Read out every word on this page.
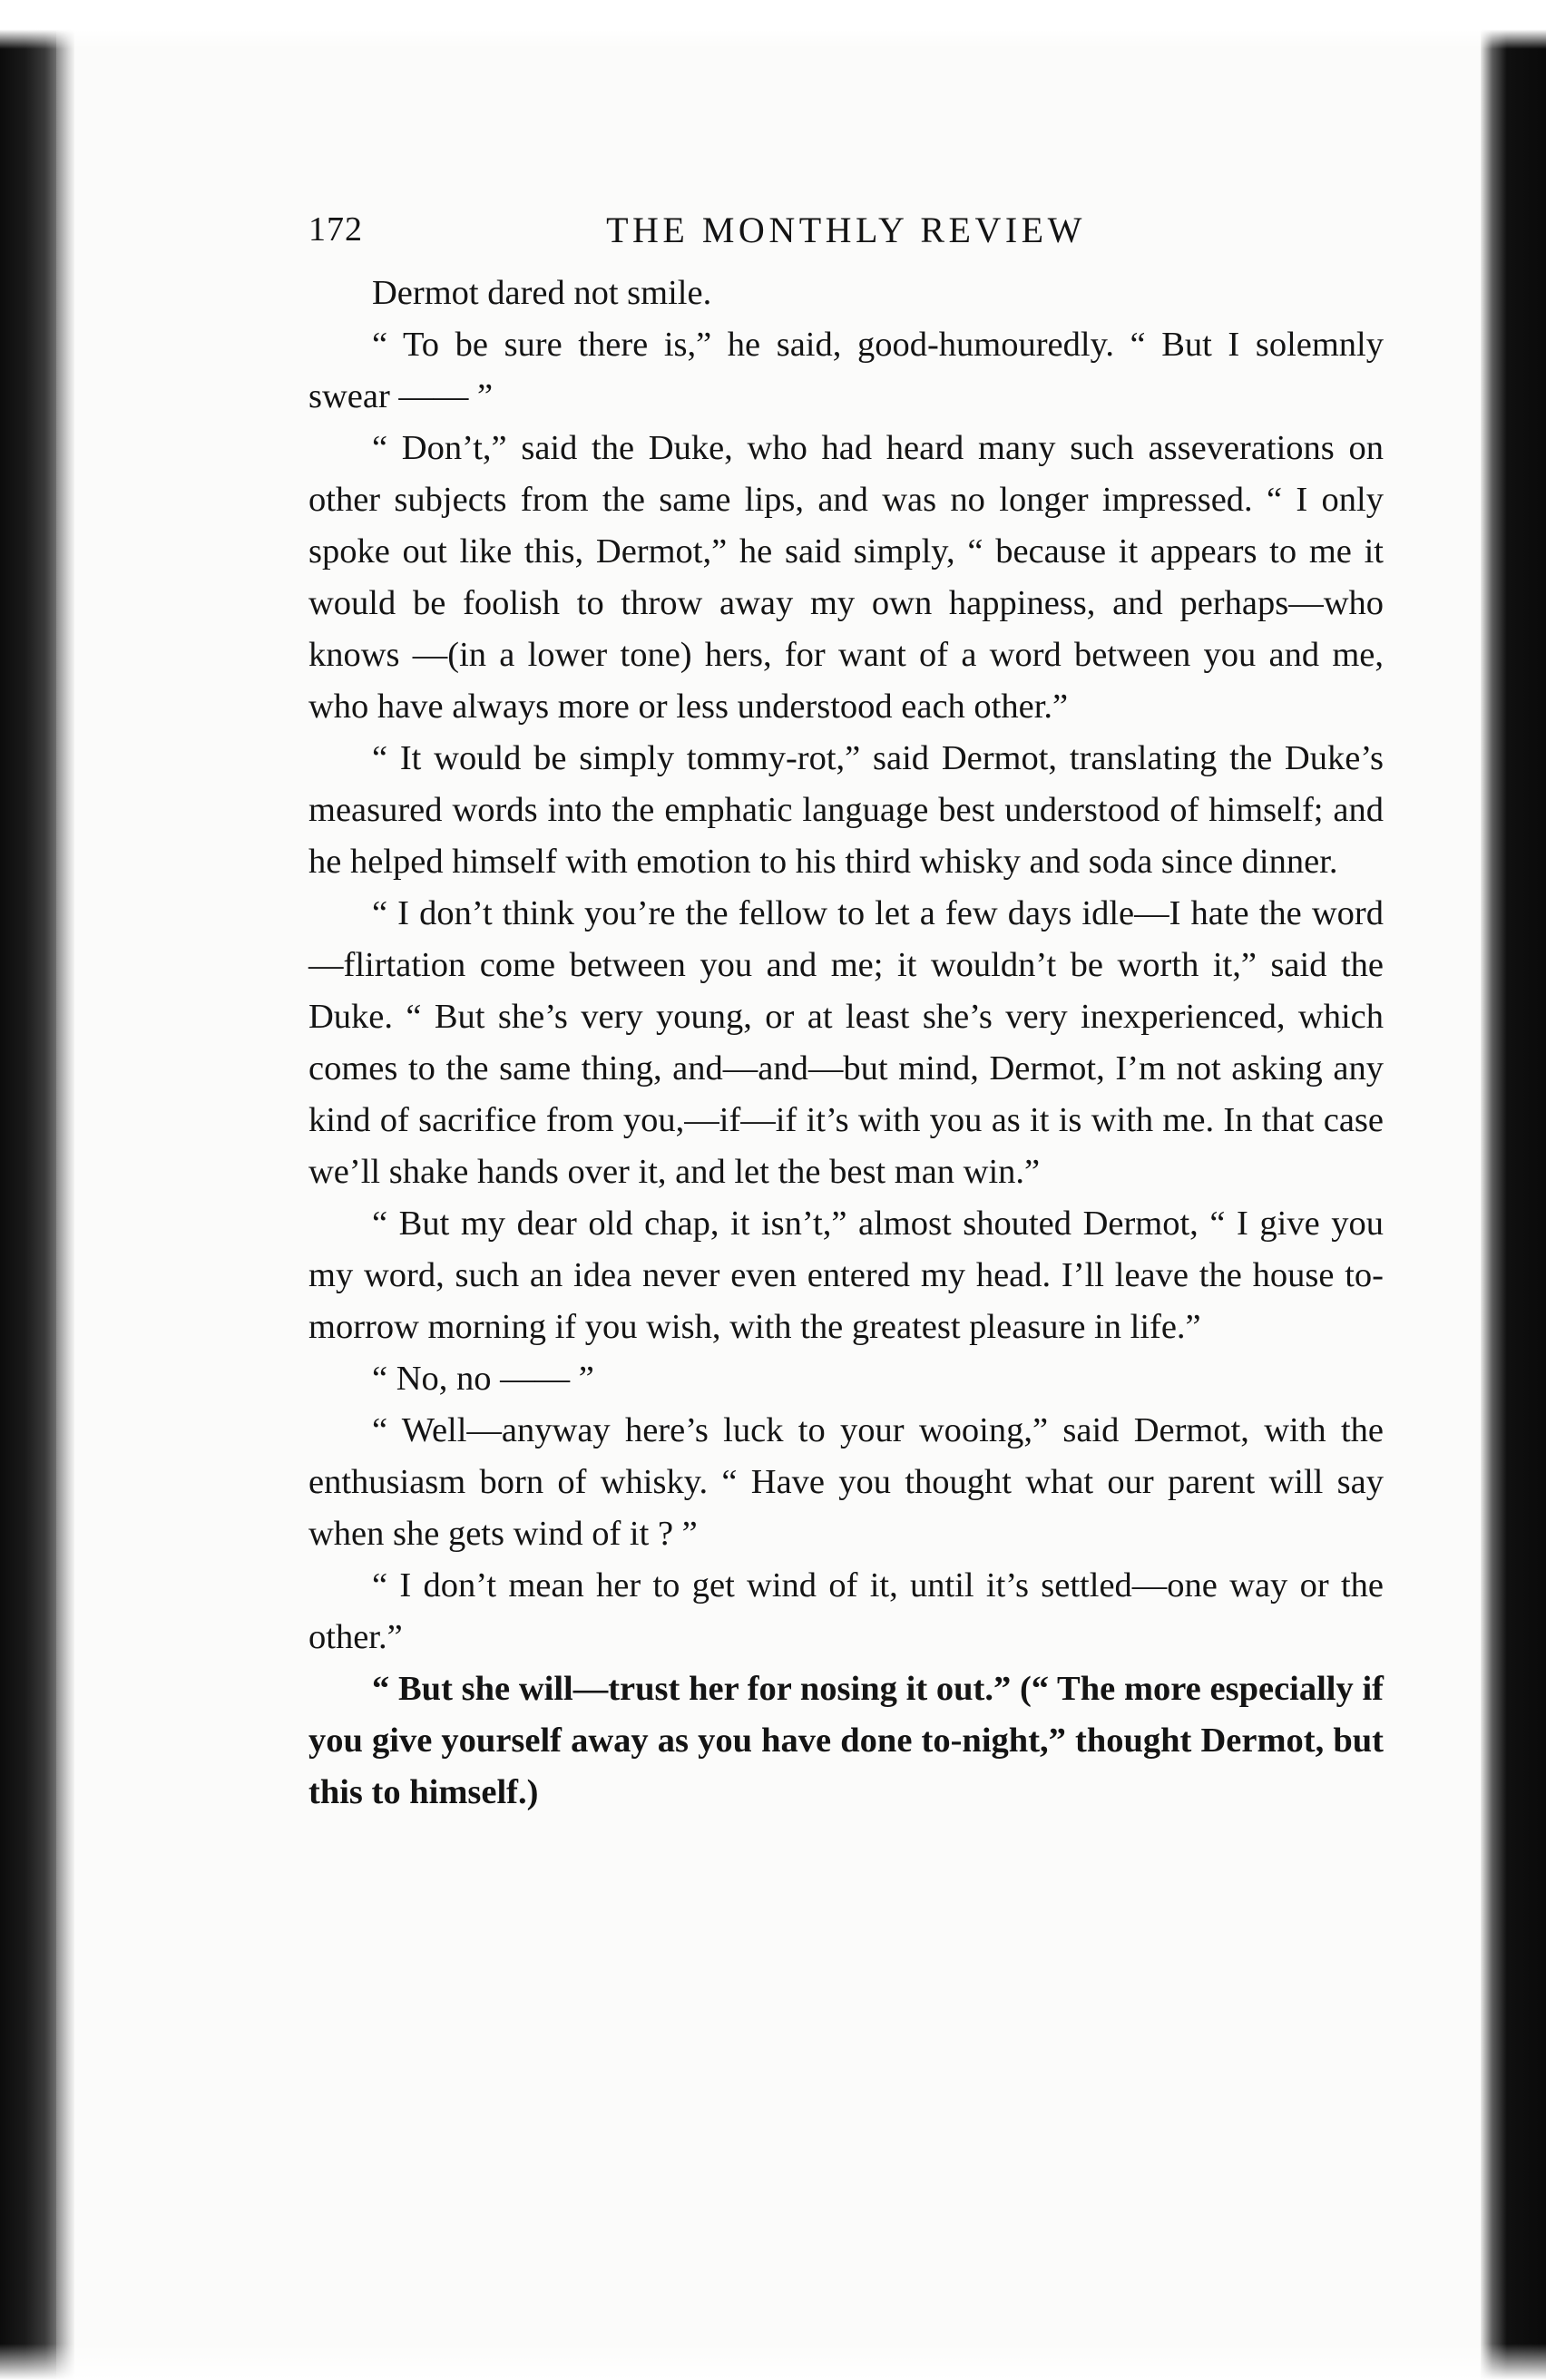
172	THE MONTHLY REVIEW

Dermot dared not smile.

“ To be sure there is,” he said, good-humouredly. “ But I solemnly swear —— ”

“ Don’t,” said the Duke, who had heard many such asseverations on other subjects from the same lips, and was no longer impressed. “ I only spoke out like this, Dermot,” he said simply, “ because it appears to me it would be foolish to throw away my own happiness, and perhaps—who knows —(in a lower tone) hers, for want of a word between you and me, who have always more or less understood each other.”

“ It would be simply tommy-rot,” said Dermot, translating the Duke’s measured words into the emphatic language best understood of himself; and he helped himself with emotion to his third whisky and soda since dinner.

“ I don’t think you’re the fellow to let a few days idle—I hate the word—flirtation come between you and me; it wouldn’t be worth it,” said the Duke. “ But she’s very young, or at least she’s very inexperienced, which comes to the same thing, and—and—but mind, Dermot, I’m not asking any kind of sacrifice from you,—if—if it’s with you as it is with me. In that case we’ll shake hands over it, and let the best man win.”

“ But my dear old chap, it isn’t,” almost shouted Dermot, “ I give you my word, such an idea never even entered my head. I’ll leave the house to-morrow morning if you wish, with the greatest pleasure in life.”

“ No, no —— ”

“ Well—anyway here’s luck to your wooing,” said Dermot, with the enthusiasm born of whisky. “ Have you thought what our parent will say when she gets wind of it ? ”

“ I don’t mean her to get wind of it, until it’s settled—one way or the other.”

“ But she will—trust her for nosing it out.” (“ The more especially if you give yourself away as you have done to-night,” thought Dermot, but this to himself.)
